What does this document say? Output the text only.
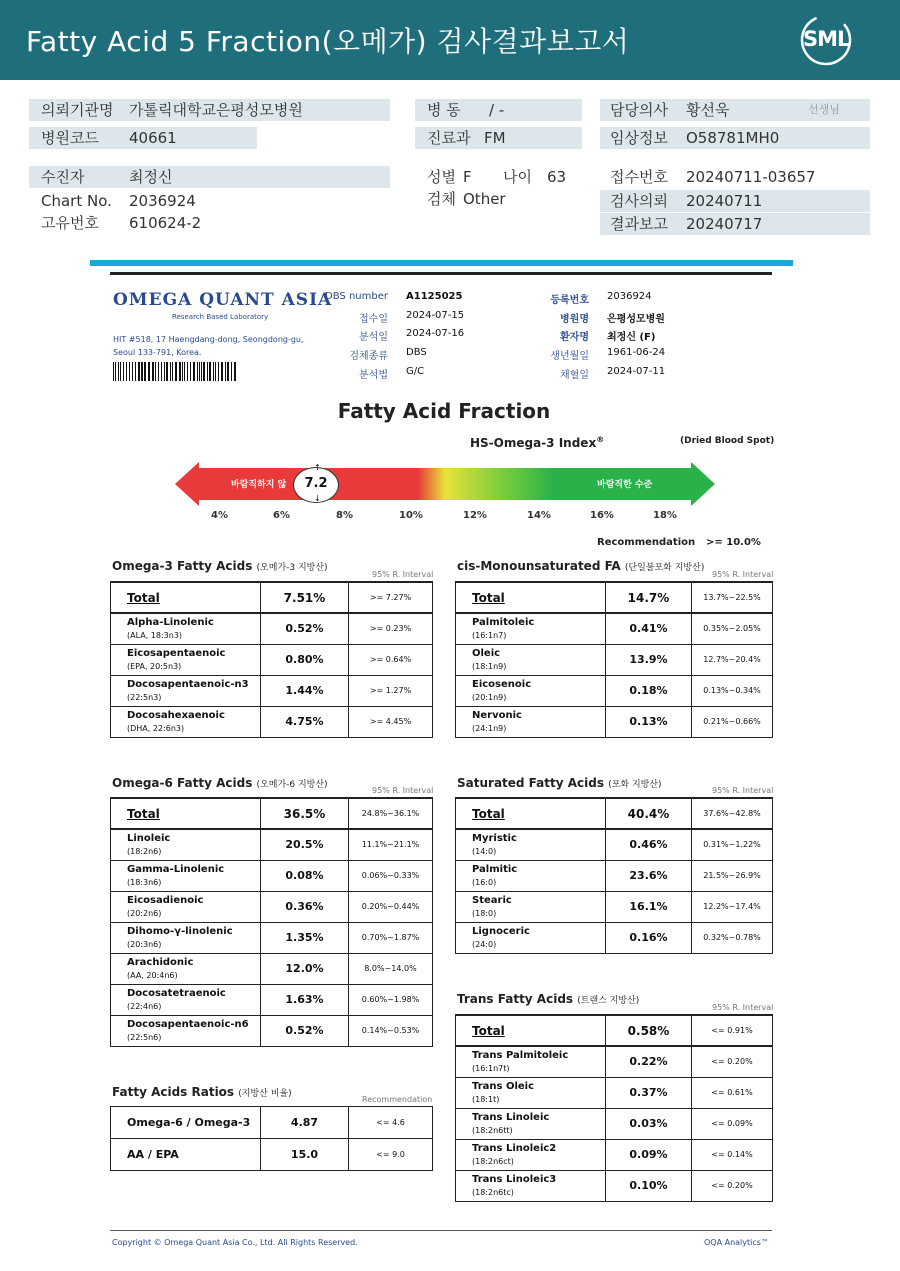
Fatty Acid 5 Fraction(오메가) 검사결과보고서	SML
의뢰기관명 가톨릭대학교은평성모병원
병원코드 40661
수진자	최정신
Chart No. 2036924
고유번호 610624-2
병 동 / -
진료과 FM
성별 F 나이 63
검체 Other
담당의사 황선욱	선생님
임상정보 O58781MH0
접수번호 20240711-03657
검사의뢰 20240711
결과보고 20240717
OMEGA QUANT ASIA
Research Based Laboratory
HIT #518, 17 Haengdang-dong, Seongdong-gu, Seoul 133-791, Korea.
DBS number A1125025
접수일 2024-07-15
분석일 2024-07-16
검체종류 DBS
분석법 G/C
등록번호 2036924
병원명 은평성모병원
환자명 최정신 (F)
생년월일 1961-06-24
채혈일 2024-07-11
Fatty Acid Fraction
HS-Omega-3 Index®	(Dried Blood Spot)
바람직하지 않	바람직한 수준
7.2
↑
↓
4%	6%	8%	10%	12%	14%	16%	18%
Recommendation >= 10.0%
Omega-3 Fatty Acids (오메가-3 지방산)
95% R. Interval
Total	7.51%	>= 7.27%
Alpha-Linolenic
(ALA, 18:3n3)	0.52%	>= 0.23%
Eicosapentaenoic
(EPA, 20:5n3)	0.80%	>= 0.64%
Docosapentaenoic-n3
(22:5n3)	1.44%	>= 1.27%
Docosahexaenoic
(DHA, 22:6n3)	4.75%	>= 4.45%
cis-Monounsaturated FA (단일불포화 지방산)
95% R. Interval
Total	14.7%	13.7%~22.5%
Palmitoleic
(16:1n7)	0.41%	0.35%~2.05%
Oleic
(18:1n9)	13.9%	12.7%~20.4%
Eicosenoic
(20:1n9)	0.18%	0.13%~0.34%
Nervonic
(24:1n9)	0.13%	0.21%~0.66%
Omega-6 Fatty Acids (오메가-6 지방산)
95% R. Interval
Total	36.5%	24.8%~36.1%
Linoleic
(18:2n6)	20.5%	11.1%~21.1%
Gamma-Linolenic
(18:3n6)	0.08%	0.06%~0.33%
Eicosadienoic
(20:2n6)	0.36%	0.20%~0.44%
Dihomo-γ-linolenic
(20:3n6)	1.35%	0.70%~1.87%
Arachidonic
(AA, 20:4n6)	12.0%	8.0%~14.0%
Docosatetraenoic
(22:4n6)	1.63%	0.60%~1.98%
Docosapentaenoic-n6
(22:5n6)	0.52%	0.14%~0.53%
Saturated Fatty Acids (포화 지방산)
95% R. Interval
Total	40.4%	37.6%~42.8%
Myristic
(14:0)	0.46%	0.31%~1.22%
Palmitic
(16:0)	23.6%	21.5%~26.9%
Stearic
(18:0)	16.1%	12.2%~17.4%
Lignoceric
(24:0)	0.16%	0.32%~0.78%
Trans Fatty Acids (트랜스 지방산)
95% R. Interval
Total	0.58%	<= 0.91%
Trans Palmitoleic
(16:1n7t)	0.22%	<= 0.20%
Trans Oleic
(18:1t)	0.37%	<= 0.61%
Trans Linoleic
(18:2n6tt)	0.03%	<= 0.09%
Trans Linoleic2
(18:2n6ct)	0.09%	<= 0.14%
Trans Linoleic3
(18:2n6tc)	0.10%	<= 0.20%
Fatty Acids Ratios (지방산 비율)
Recommendation
Omega-6 / Omega-3	4.87	<= 4.6
AA / EPA	15.0	<= 9.0
Copyright © Omega Quant Asia Co., Ltd. All Rights Reserved.	OQA Analytics™
